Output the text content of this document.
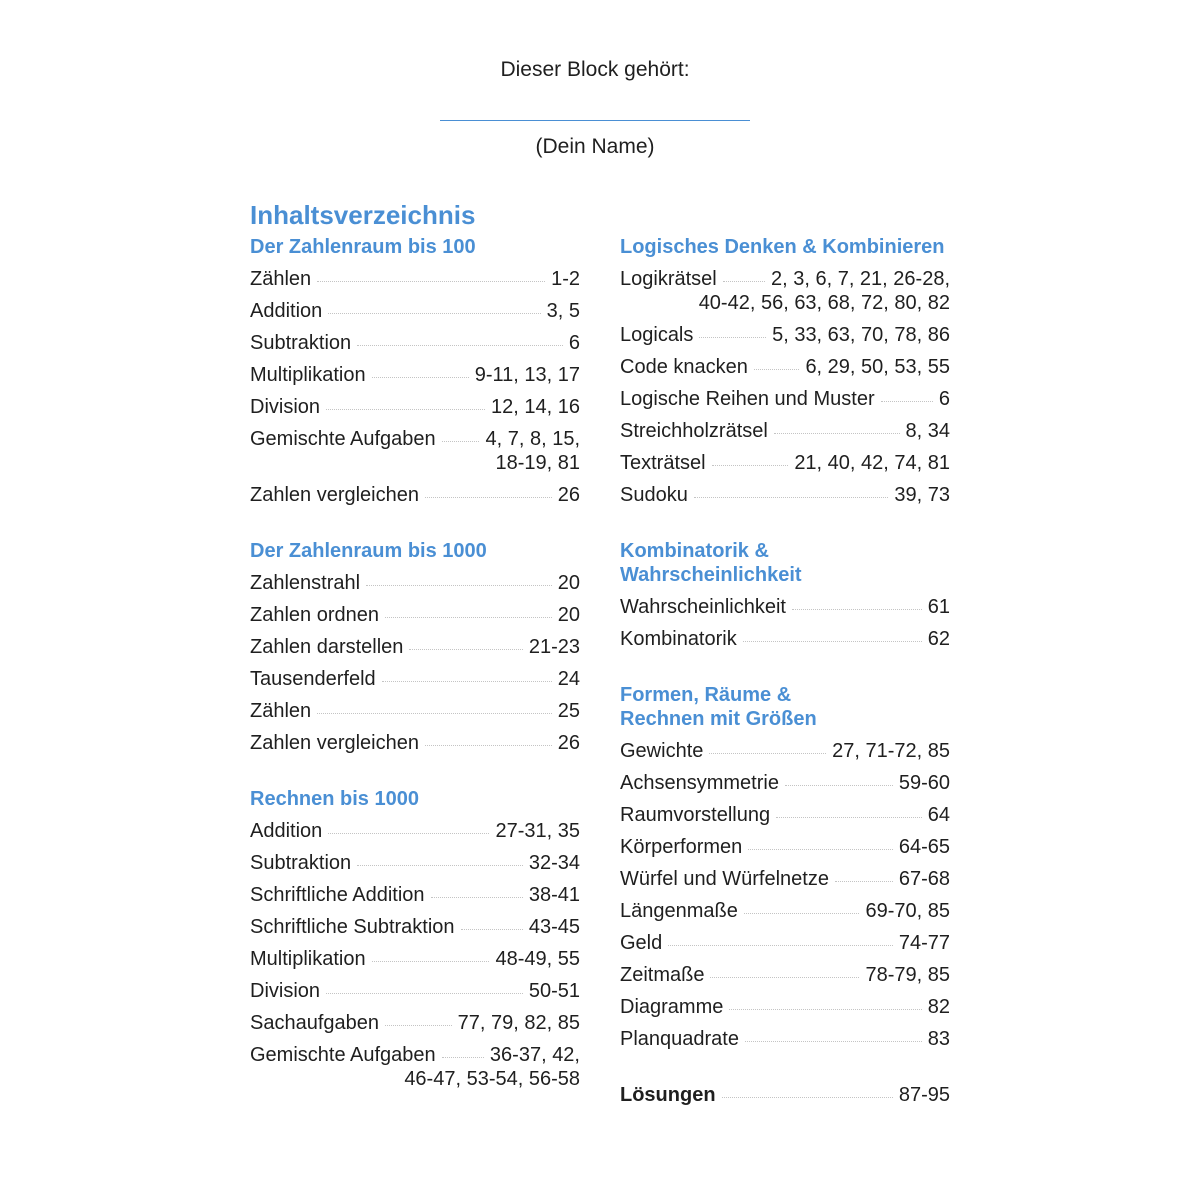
Dieser Block gehört:
(Dein Name)
Inhaltsverzeichnis
Der Zahlenraum bis 100
Zählen	1-2
Addition	3, 5
Subtraktion	6
Multiplikation	9-11, 13, 17
Division	12, 14, 16
Gemischte Aufgaben 4, 7, 8, 15,
18-19, 81
Zahlen vergleichen	26
Der Zahlenraum bis 1000
Zahlenstrahl	20
Zahlen ordnen	20
Zahlen darstellen	21-23
Tausenderfeld	24
Zählen	25
Zahlen vergleichen	26
Rechnen bis 1000
Addition	27-31, 35
Subtraktion	32-34
Schriftliche Addition	38-41
Schriftliche Subtraktion	43-45
Multiplikation	48-49, 55
Division	50-51
Sachaufgaben	77, 79, 82, 85
Gemischte Aufgaben	36-37, 42,
46-47, 53-54, 56-58
Logisches Denken & Kombinieren
Logikrätsel	2, 3, 6, 7, 21, 26-28,
40-42, 56, 63, 68, 72, 80, 82
Logicals	5, 33, 63, 70, 78, 86
Code knacken	6, 29, 50, 53, 55
Logische Reihen und Muster	6
Streichholzrätsel	8, 34
Texträtsel	21, 40, 42, 74, 81
Sudoku	39, 73
Kombinatorik & Wahrscheinlichkeit
Wahrscheinlichkeit	61
Kombinatorik	62
Formen, Räume &
Rechnen mit Größen
Gewichte	27, 71-72, 85
Achsensymmetrie	59-60
Raumvorstellung	64
Körperformen	64-65
Würfel und Würfelnetze	67-68
Längenmaße	69-70, 85
Geld	74-77
Zeitmaße	78-79, 85
Diagramme	82
Planquadrate	83
Lösungen	87-95
